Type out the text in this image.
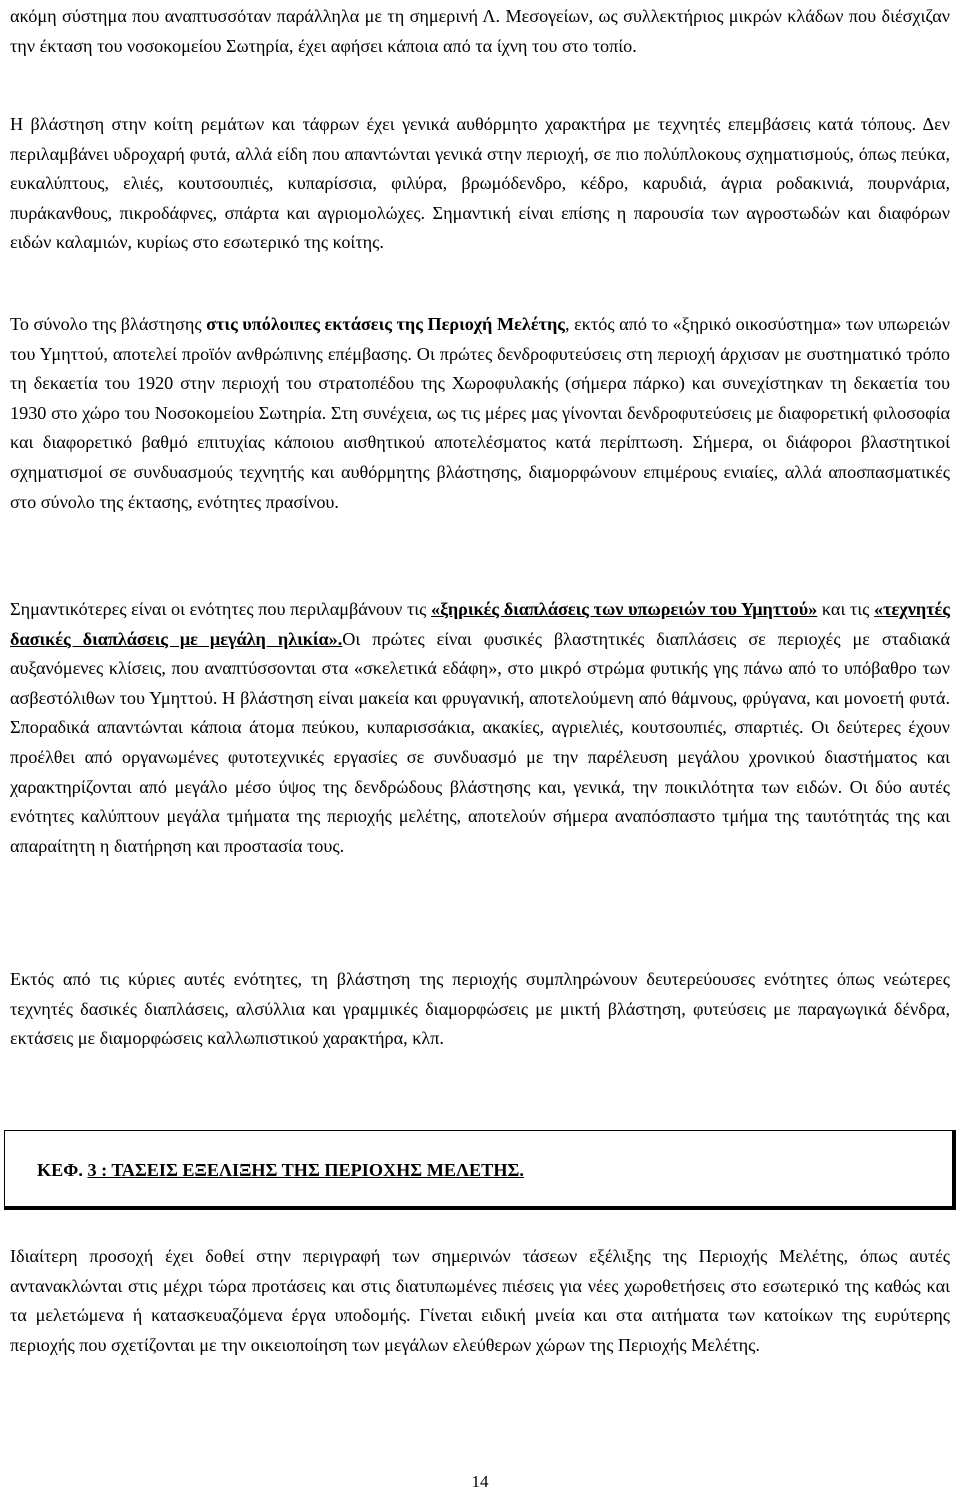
ακόμη σύστημα που αναπτυσσόταν παράλληλα με τη σημερινή Λ. Μεσογείων, ως συλλεκτήριος μικρών κλάδων που διέσχιζαν την έκταση του νοσοκομείου Σωτηρία, έχει αφήσει κάποια από τα ίχνη του στο τοπίο.

Η βλάστηση στην κοίτη ρεμάτων και τάφρων έχει γενικά αυθόρμητο χαρακτήρα με τεχνητές επεμβάσεις κατά τόπους. Δεν περιλαμβάνει υδροχαρή φυτά, αλλά είδη που απαντώνται γενικά στην περιοχή, σε πιο πολύπλοκους σχηματισμούς, όπως πεύκα, ευκαλύπτους, ελιές, κουτσουπιές, κυπαρίσσια, φιλύρα, βρωμόδενδρο, κέδρο, καρυδιά, άγρια ροδακινιά, πουρνάρια, πυράκανθους, πικροδάφνες, σπάρτα και αγριομολώχες. Σημαντική είναι επίσης η παρουσία των αγροστωδών και διαφόρων ειδών καλαμιών, κυρίως στο εσωτερικό της κοίτης.

Το σύνολο της βλάστησης στις υπόλοιπες εκτάσεις της Περιοχή Μελέτης, εκτός από το «ξηρικό οικοσύστημα» των υπωρειών του Υμηττού, αποτελεί προϊόν ανθρώπινης επέμβασης. Οι πρώτες δενδροφυτεύσεις στη περιοχή άρχισαν με συστηματικό τρόπο τη δεκαετία του 1920 στην περιοχή του στρατοπέδου της Χωροφυλακής (σήμερα πάρκο) και συνεχίστηκαν τη δεκαετία του 1930 στο χώρο του Νοσοκομείου Σωτηρία. Στη συνέχεια, ως τις μέρες μας γίνονται δενδροφυτεύσεις με διαφορετική φιλοσοφία και διαφορετικό βαθμό επιτυχίας κάποιου αισθητικού αποτελέσματος κατά περίπτωση. Σήμερα, οι διάφοροι βλαστητικοί σχηματισμοί σε συνδυασμούς τεχνητής και αυθόρμητης βλάστησης, διαμορφώνουν επιμέρους ενιαίες, αλλά αποσπασματικές στο σύνολο της έκτασης, ενότητες πρασίνου.

Σημαντικότερες είναι οι ενότητες που περιλαμβάνουν τις «ξηρικές διαπλάσεις των υπωρειών του Υμηττού» και τις «τεχνητές δασικές διαπλάσεις με μεγάλη ηλικία».Οι πρώτες είναι φυσικές βλαστητικές διαπλάσεις σε περιοχές με σταδιακά αυξανόμενες κλίσεις, που αναπτύσσονται στα «σκελετικά εδάφη», στο μικρό στρώμα φυτικής γης πάνω από το υπόβαθρο των ασβεστόλιθων του Υμηττού. Η βλάστηση είναι μακεία και φρυγανική, αποτελούμενη από θάμνους, φρύγανα, και μονοετή φυτά. Σποραδικά απαντώνται κάποια άτομα πεύκου, κυπαρισσάκια, ακακίες, αγριελιές, κουτσουπιές, σπαρτιές. Οι δεύτερες έχουν προέλθει από οργανωμένες φυτοτεχνικές εργασίες σε συνδυασμό με την παρέλευση μεγάλου χρονικού διαστήματος και χαρακτηρίζονται από μεγάλο μέσο ύψος της δενδρώδους βλάστησης και, γενικά, την ποικιλότητα των ειδών. Οι δύο αυτές ενότητες καλύπτουν μεγάλα τμήματα της περιοχής μελέτης, αποτελούν σήμερα αναπόσπαστο τμήμα της ταυτότητάς της και απαραίτητη η διατήρηση και προστασία τους.

Εκτός από τις κύριες αυτές ενότητες, τη βλάστηση της περιοχής συμπληρώνουν δευτερεύουσες ενότητες όπως νεώτερες τεχνητές δασικές διαπλάσεις, αλσύλλια και γραμμικές διαμορφώσεις με μικτή βλάστηση, φυτεύσεις με παραγωγικά δένδρα, εκτάσεις με διαμορφώσεις καλλωπιστικού χαρακτήρα, κλπ.

ΚΕΦ. 3 : ΤΑΣΕΙΣ ΕΞΕΛΙΞΗΣ ΤΗΣ ΠΕΡΙΟΧΗΣ ΜΕΛΕΤΗΣ.

Ιδιαίτερη προσοχή έχει δοθεί στην περιγραφή των σημερινών τάσεων εξέλιξης της Περιοχής Μελέτης, όπως αυτές αντανακλώνται στις μέχρι τώρα προτάσεις και στις διατυπωμένες πιέσεις για νέες χωροθετήσεις στο εσωτερικό της καθώς και τα μελετώμενα ή κατασκευαζόμενα έργα υποδομής. Γίνεται ειδική μνεία και στα αιτήματα των κατοίκων της ευρύτερης περιοχής που σχετίζονται με την οικειοποίηση των μεγάλων ελεύθερων χώρων της Περιοχής Μελέτης.

14
